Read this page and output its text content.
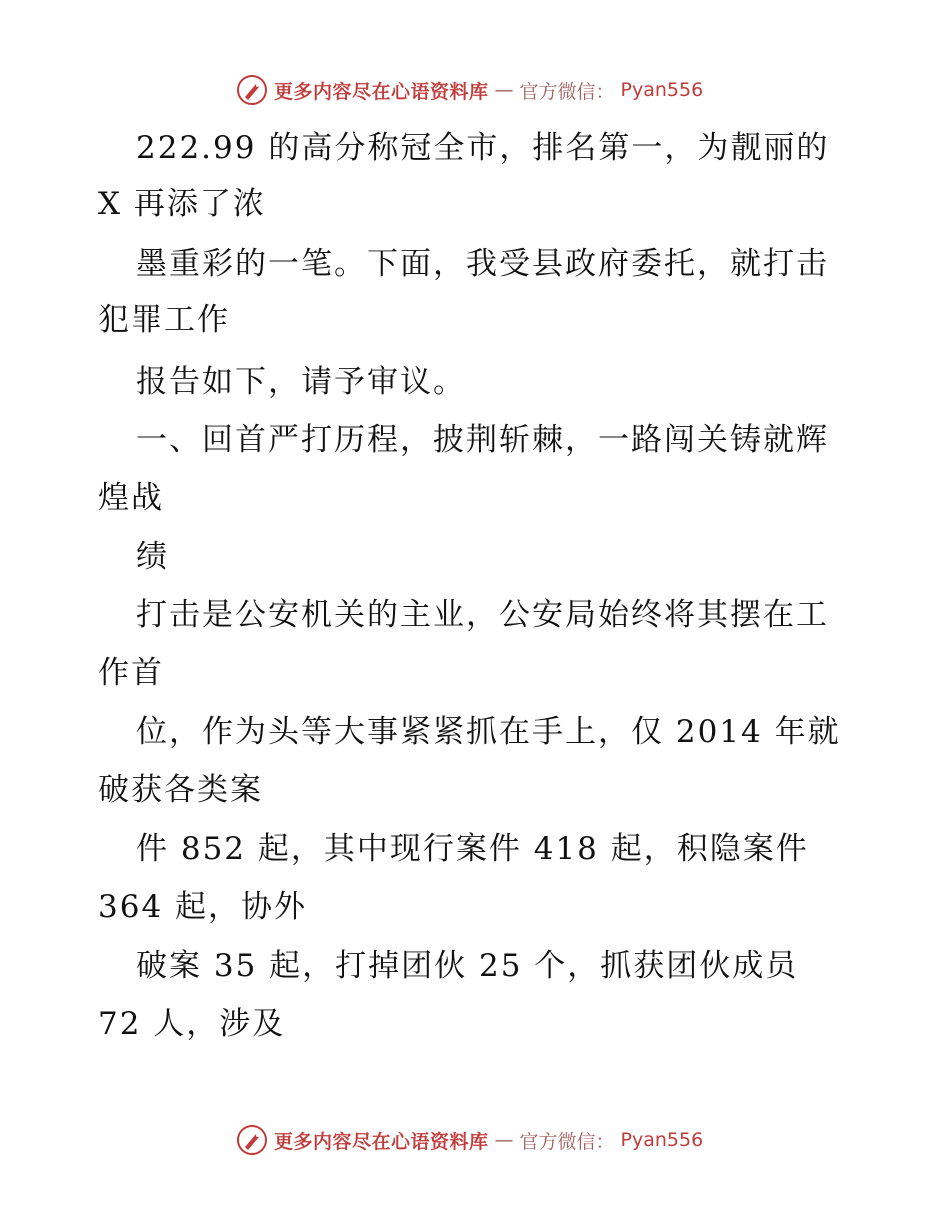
更多内容尽在心语资料库 — 官方微信： Pyan556
222.99 的高分称冠全市，排名第一，为靓丽的
X 再添了浓
墨重彩的一笔。下面，我受县政府委托，就打击
犯罪工作
报告如下，请予审议。
一、回首严打历程，披荆斩棘，一路闯关铸就辉
煌战
绩
打击是公安机关的主业，公安局始终将其摆在工
作首
位，作为头等大事紧紧抓在手上，仅 2014 年就
破获各类案
件 852 起，其中现行案件 418 起，积隐案件
364 起，协外
破案 35 起，打掉团伙 25 个，抓获团伙成员
72 人，涉及
更多内容尽在心语资料库 — 官方微信： Pyan556
